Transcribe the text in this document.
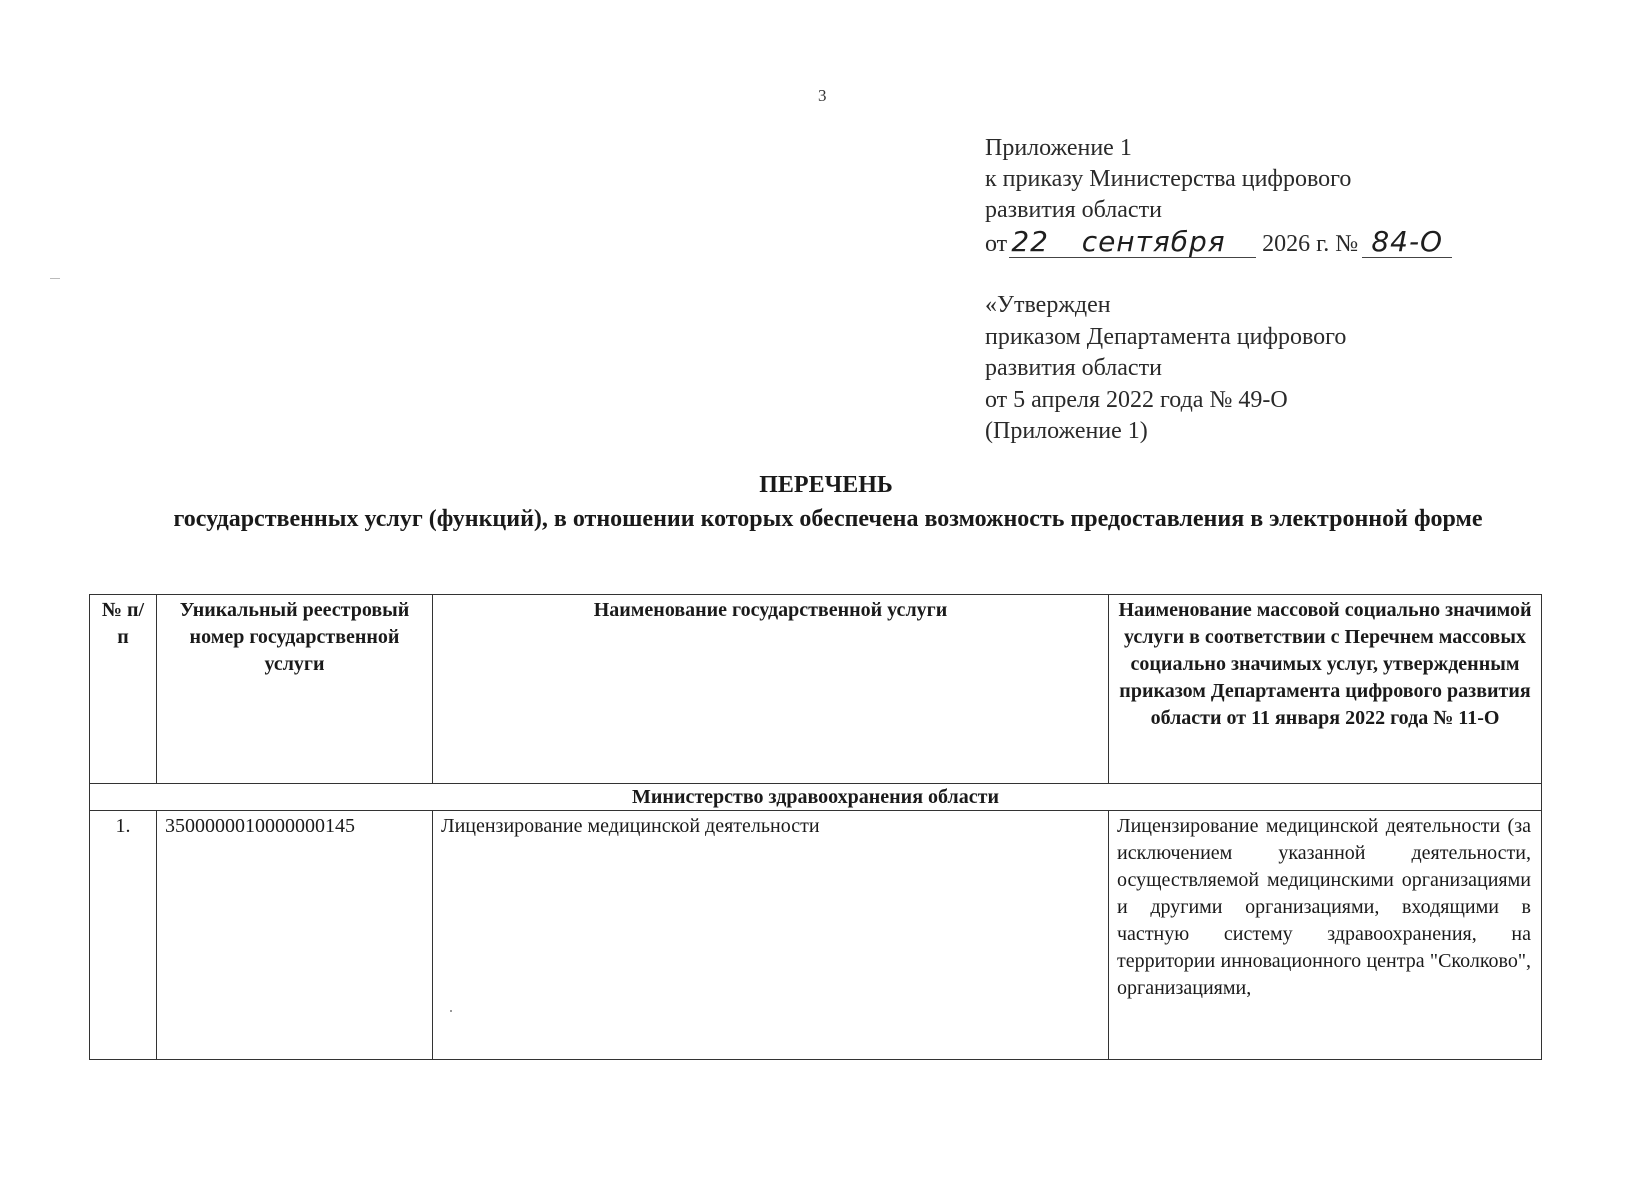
3
Приложение 1
к приказу Министерства цифрового
развития области
от 22 сентября 2026 г. № 84-О
«Утвержден
приказом Департамента цифрового
развития области
от 5 апреля 2022 года № 49-О
(Приложение 1)
ПЕРЕЧЕНЬ
государственных услуг (функций), в отношении которых обеспечена возможность предоставления в электронной форме
№ п/п	Уникальный реестровый номер государственной услуги	Наименование государственной услуги	Наименование массовой социально значимой услуги в соответствии с Перечнем массовых социально значимых услуг, утвержденным приказом Департамента цифрового развития области от 11 января 2022 года № 11-О
Министерство здравоохранения области			
1.	3500000010000000145	Лицензирование медицинской деятельности	Лицензирование медицинской деятельности (за исключением указанной деятельности, осуществляемой медицинскими организациями и другими организациями, входящими в частную систему здравоохранения, на территории инновационного центра "Сколково", организациями,
